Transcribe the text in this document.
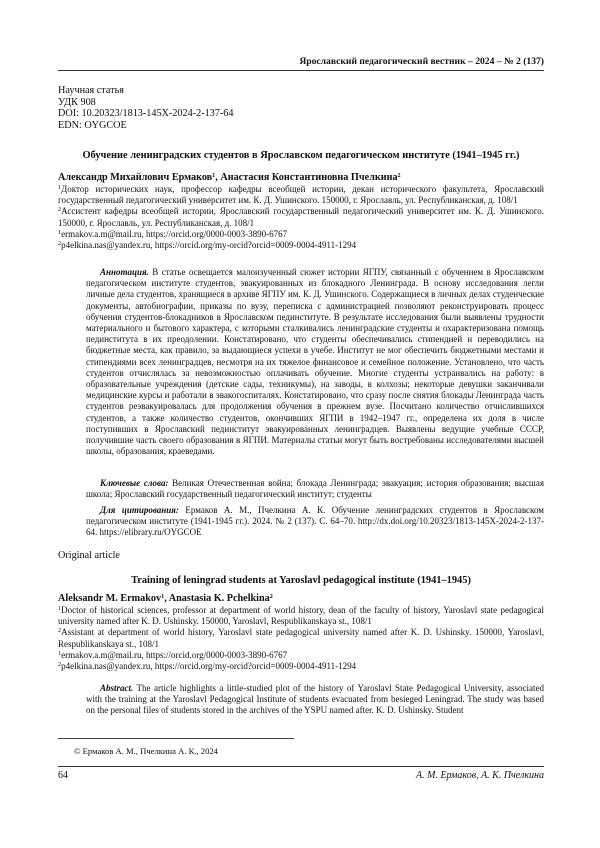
Ярославский педагогический вестник – 2024 – № 2 (137)
Научная статья
УДК 908
DOI: 10.20323/1813-145X-2024-2-137-64
EDN: OYGCOE
Обучение ленинградских студентов в Ярославском педагогическом институте (1941–1945 гг.)
Александр Михайлович Ермаков$^1$, Анастасия Константиновна Пчелкина$^2$

$^1$Доктор исторических наук, профессор кафедры всеобщей истории, декан исторического факультета, Ярославский государственный педагогический университет им. К. Д. Ушинского. 150000, г. Ярославль, ул. Республиканская, д. 108/1

$^2$Ассистент кафедры всеобщей истории, Ярославский государственный педагогический университет им. К. Д. Ушинского. 150000, г. Ярославль, ул. Республиканская, д. 108/1

$^1$ermakov.a.m@mail.ru, https://orcid.org/0000-0003-3890-6767

$^2$p4elkina.nas@yandex.ru, https://orcid.org/my-orcid?orcid=0009-0004-4911-1294

Аннотация. В статье освещается малоизученный сюжет истории ЯГПУ, связанный с обучением в Ярославском педагогическом институте студентов, эвакуированных из блокадного Ленинграда. В основу исследования легли личные дела студентов, хранящиеся в архиве ЯГПУ им. К. Д. Ушинского. Содержащиеся в личных делах студенческие документы, автобиографии, приказы по вузу, переписка с администрацией позволяют реконструировать процесс обучения студентов-блокадников в Ярославском пединституте. В результате исследования были выявлены трудности материального и бытового характера, с которыми сталкивались ленинградские студенты и охарактеризована помощь пединститута в их преодолении. Констатировано, что студенты обеспечивались стипендией и переводились на бюджетные места, как правило, за выдающиеся успехи в учебе. Институт не мог обеспечить бюджетными местами и стипендиями всех ленинградцев, несмотря на их тяжелое финансовое и семейное положение. Установлено, что часть студентов отчислялась за невозможностью оплачивать обучение. Многие студенты устраивались на работу: в образовательные учреждения (детские сады, техникумы), на заводы, в колхозы; некоторые девушки заканчивали медицинские курсы и работали в эвакогоспиталях. Констатировано, что сразу после снятия блокады Ленинграда часть студентов реэвакуировалась для продолжения обучения в прежнем вузе. Посчитано количество отчислившихся студентов, а также количество студентов, окончивших ЯГПИ в 1942–1947 гг., определена их доля в числе поступивших в Ярославский пединститут эвакуированных ленинградцев. Выявлены ведущие учебные СССР, получившие часть своего образования в ЯГПИ. Материалы статьи могут быть востребованы исследователями высшей школы, образования, краеведами.

Ключевые слова: Великая Отечественная война; блокада Ленинграда; эвакуация; история образования; высшая школа; Ярославский государственный педагогический институт; студенты

Для цитирования: Ермаков А. М., Пчелкина А. К. Обучение ленинградских студентов в Ярославском педагогическом институте (1941-1945 гг.). 2024. № 2 (137). С. 64–70. http://dx.doi.org/10.20323/1813-145X-2024-2-137-64. https://elibrary.ru/OYGCOE

Original article
Training of leningrad students at Yaroslavl pedagogical institute (1941–1945)
Aleksandr M. Ermakov$^1$, Anastasia K. Pchelkina$^2$

$^1$Doctor of historical sciences, professor at department of world history, dean of the faculty of history, Yaroslavl state pedagogical university named after K. D. Ushinsky. 150000, Yaroslavl, Respublikanskaya st., 108/1

$^2$Assistant at department of world history, Yaroslavl state pedagogical university named after K. D. Ushinsky. 150000, Yaroslavl, Respublikanskaya st., 108/1

$^1$ermakov.a.m@mail.ru, https://orcid.org/0000-0003-3890-6767

$^2$p4elkina.nas@yandex.ru, https://orcid.org/my-orcid?orcid=0009-0004-4911-1294

Abstract. The article highlights a little-studied plot of the history of Yaroslavl State Pedagogical University, associated with the training at the Yaroslavl Pedagogical Institute of students evacuated from besieged Leningrad. The study was based on the personal files of students stored in the archives of the YSPU named after. K. D. Ushinsky. Student

© Ермаков А. М., Пчелкина А. К., 2024
64	А. М. Ермаков, А. К. Пчелкина
